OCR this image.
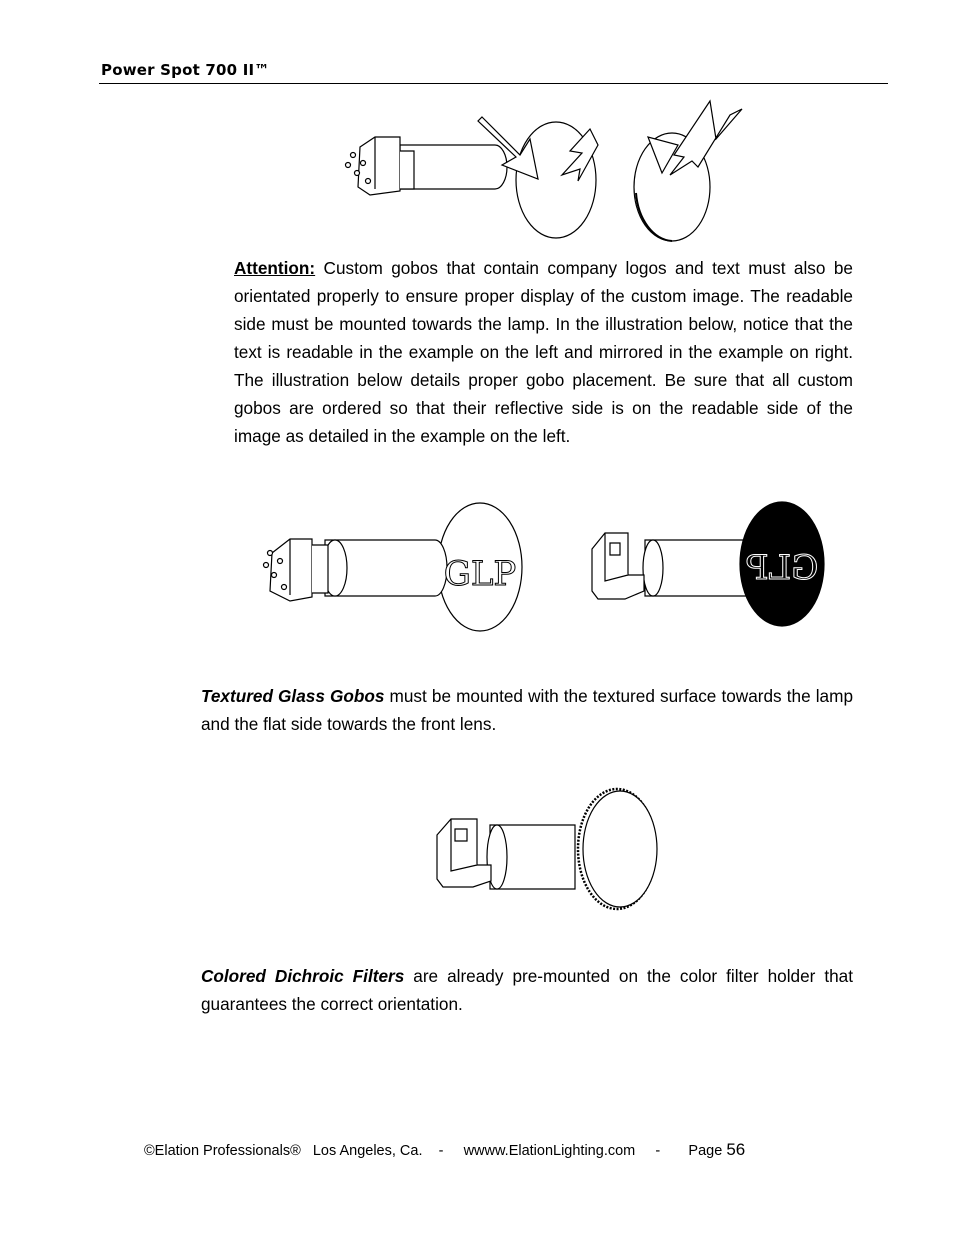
Power Spot 700 II™

Attention: Custom gobos that contain company logos and text must also be orientated properly to ensure proper display of the custom image. The readable side must be mounted towards the lamp. In the illustration below, notice that the text is readable in the example on the left and mirrored in the example on right. The illustration below details proper gobo placement. Be sure that all custom gobos are ordered so that their reflective side is on the readable side of the image as detailed in the example on the left.

GLP	GLP

Textured Glass Gobos must be mounted with the textured surface towards the lamp and the flat side towards the front lens.

Colored Dichroic Filters are already pre-mounted on the color filter holder that guarantees the correct orientation.

©Elation Professionals®   Los Angeles, Ca.    -     wwww.ElationLighting.com     -       Page 56
